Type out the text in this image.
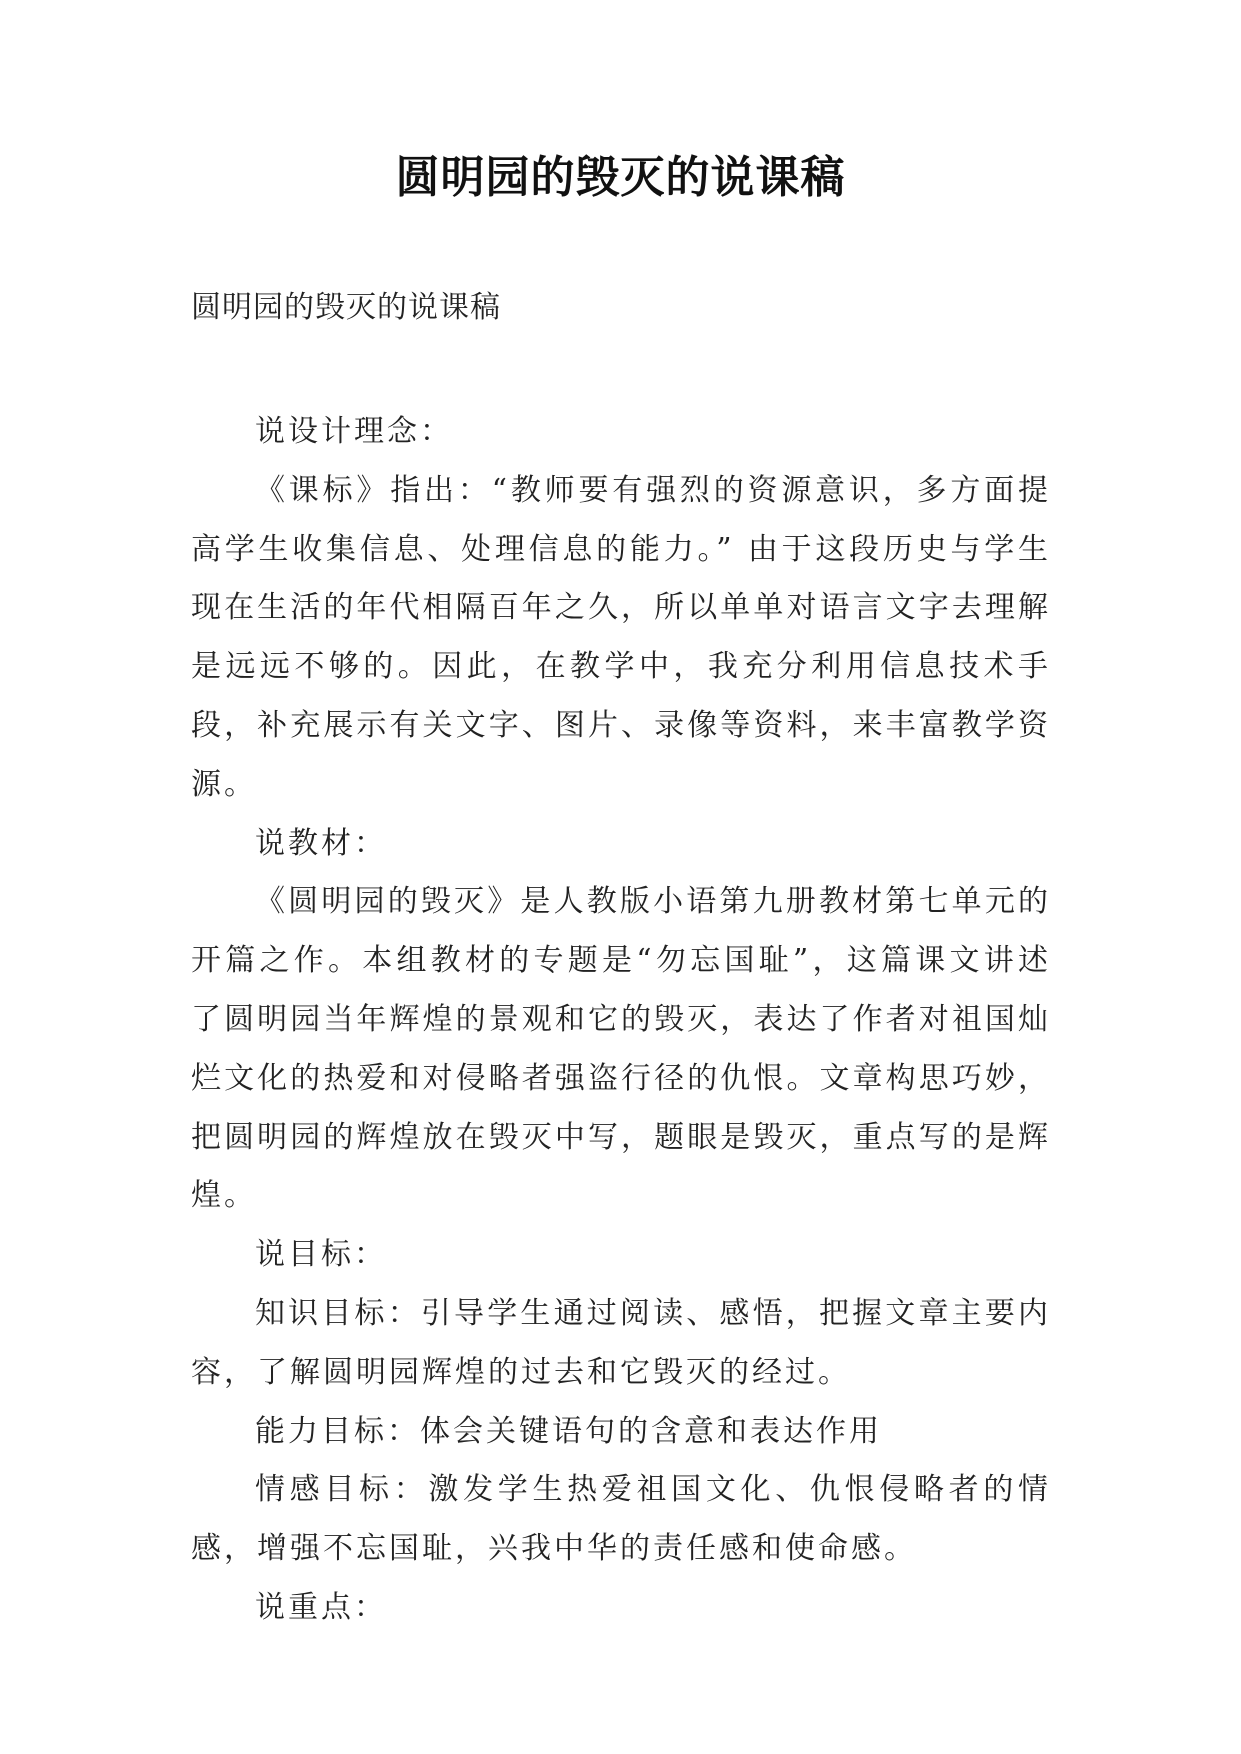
圆明园的毁灭的说课稿

圆明园的毁灭的说课稿

说设计理念：

《课标》指出：“教师要有强烈的资源意识，多方面提高学生收集信息、处理信息的能力。” 由于这段历史与学生现在生活的年代相隔百年之久，所以单单对语言文字去理解是远远不够的。因此，在教学中，我充分利用信息技术手段，补充展示有关文字、图片、录像等资料，来丰富教学资源。

说教材：

《圆明园的毁灭》是人教版小语第九册教材第七单元的开篇之作。本组教材的专题是“勿忘国耻”，这篇课文讲述了圆明园当年辉煌的景观和它的毁灭，表达了作者对祖国灿烂文化的热爱和对侵略者强盗行径的仇恨。文章构思巧妙，把圆明园的辉煌放在毁灭中写，题眼是毁灭，重点写的是辉煌。

说目标：

知识目标：引导学生通过阅读、感悟，把握文章主要内容，了解圆明园辉煌的过去和它毁灭的经过。

能力目标：体会关键语句的含意和表达作用

情感目标：激发学生热爱祖国文化、仇恨侵略者的情感，增强不忘国耻，兴我中华的责任感和使命感。

说重点：
